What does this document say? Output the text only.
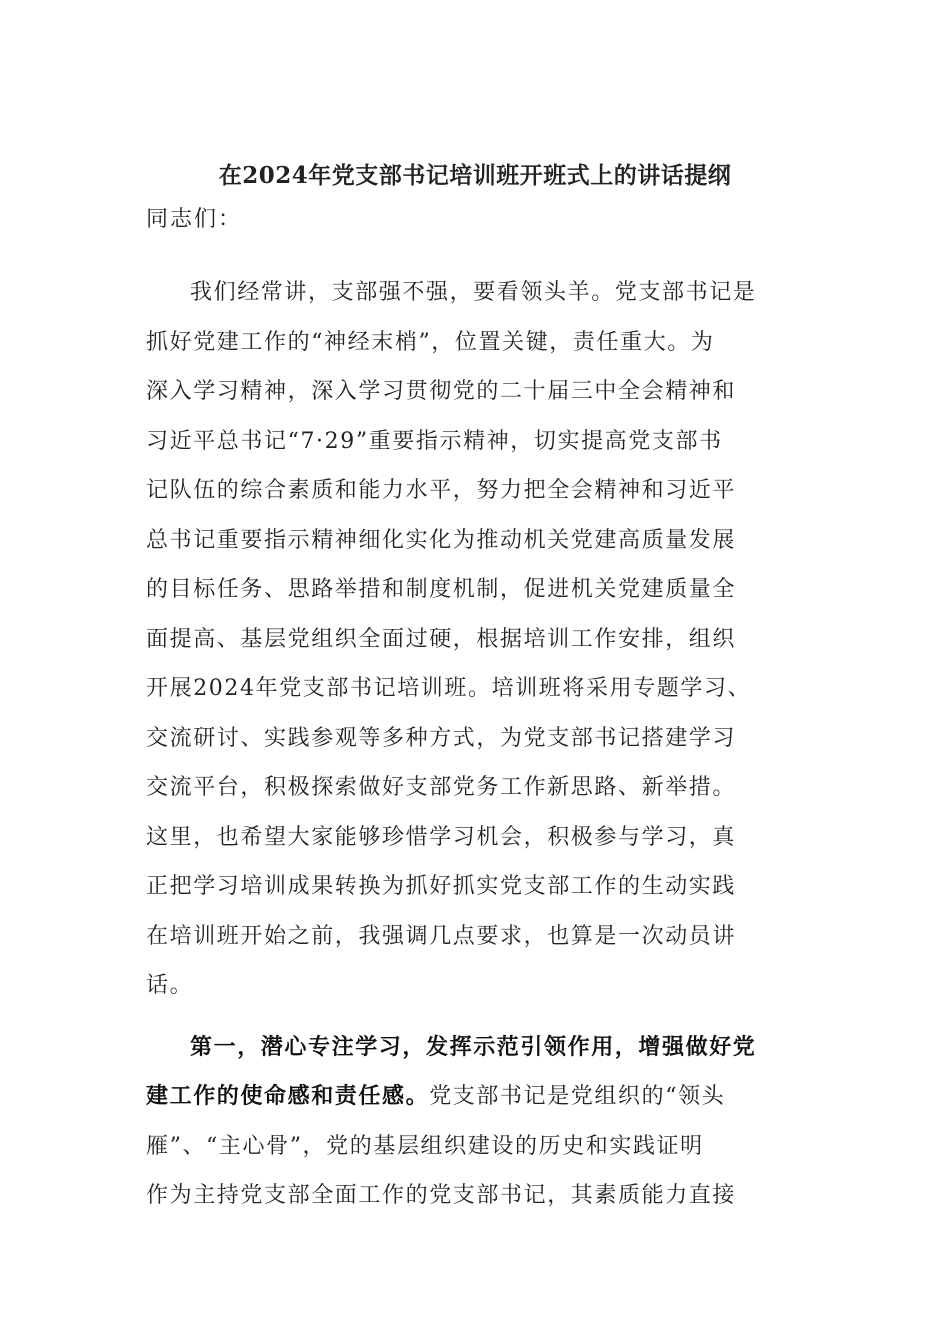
在2024年党支部书记培训班开班式上的讲话提纲
同志们：
我们经常讲，支部强不强，要看领头羊。党支部书记是
抓好党建工作的“神经末梢”，位置关键，责任重大。为
深入学习精神，深入学习贯彻党的二十届三中全会精神和
习近平总书记“7·29”重要指示精神，切实提高党支部书
记队伍的综合素质和能力水平，努力把全会精神和习近平
总书记重要指示精神细化实化为推动机关党建高质量发展
的目标任务、思路举措和制度机制，促进机关党建质量全
面提高、基层党组织全面过硬，根据培训工作安排，组织
开展2024年党支部书记培训班。培训班将采用专题学习、
交流研讨、实践参观等多种方式，为党支部书记搭建学习
交流平台，积极探索做好支部党务工作新思路、新举措。
这里，也希望大家能够珍惜学习机会，积极参与学习，真
正把学习培训成果转换为抓好抓实党支部工作的生动实践
在培训班开始之前，我强调几点要求，也算是一次动员讲
话。
第一，潜心专注学习，发挥示范引领作用，增强做好党
建工作的使命感和责任感。党支部书记是党组织的“领头
雁”、“主心骨”，党的基层组织建设的历史和实践证明
作为主持党支部全面工作的党支部书记，其素质能力直接
